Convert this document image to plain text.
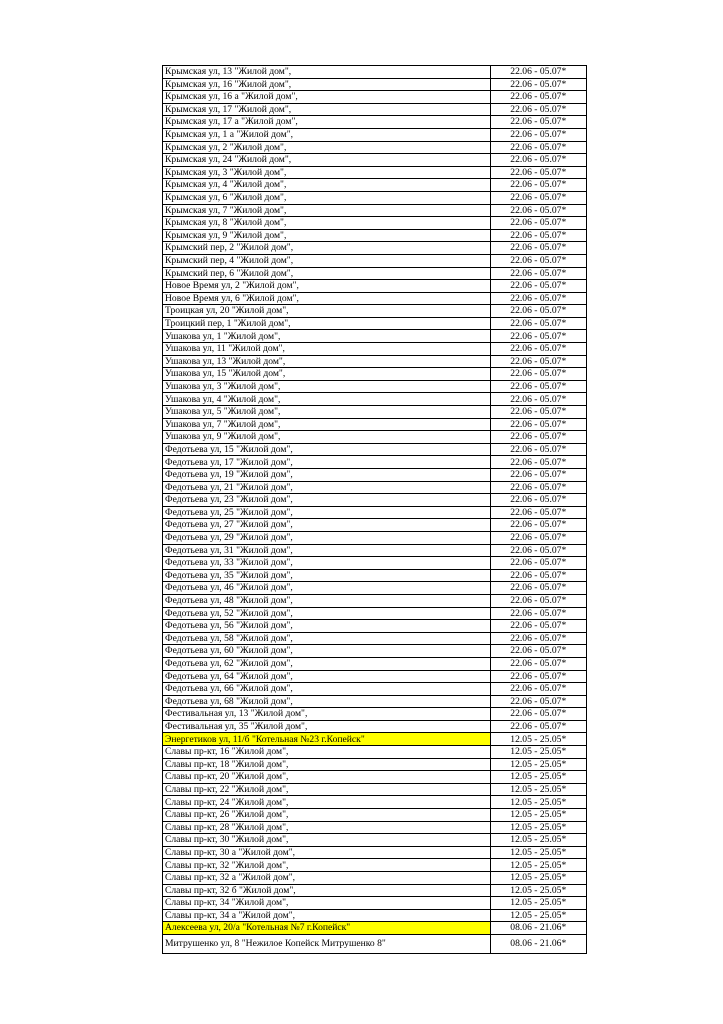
Крымская ул, 13 "Жилой дом",	22.06 - 05.07*
Крымская ул, 16 "Жилой дом",	22.06 - 05.07*
Крымская ул, 16 а "Жилой дом",	22.06 - 05.07*
Крымская ул, 17 "Жилой дом",	22.06 - 05.07*
Крымская ул, 17 а "Жилой дом",	22.06 - 05.07*
Крымская ул, 1 а "Жилой дом",	22.06 - 05.07*
Крымская ул, 2 "Жилой дом",	22.06 - 05.07*
Крымская ул, 24 "Жилой дом",	22.06 - 05.07*
Крымская ул, 3 "Жилой дом",	22.06 - 05.07*
Крымская ул, 4 "Жилой дом",	22.06 - 05.07*
Крымская ул, 6 "Жилой дом",	22.06 - 05.07*
Крымская ул, 7 "Жилой дом",	22.06 - 05.07*
Крымская ул, 8 "Жилой дом",	22.06 - 05.07*
Крымская ул, 9 "Жилой дом",	22.06 - 05.07*
Крымский пер, 2 "Жилой дом",	22.06 - 05.07*
Крымский пер, 4 "Жилой дом",	22.06 - 05.07*
Крымский пер, 6 "Жилой дом",	22.06 - 05.07*
Новое Время ул, 2 "Жилой дом",	22.06 - 05.07*
Новое Время ул, 6 "Жилой дом",	22.06 - 05.07*
Троицкая ул, 20 "Жилой дом",	22.06 - 05.07*
Троицкий пер, 1 "Жилой дом",	22.06 - 05.07*
Ушакова ул, 1 "Жилой дом",	22.06 - 05.07*
Ушакова ул, 11 "Жилой дом",	22.06 - 05.07*
Ушакова ул, 13 "Жилой дом",	22.06 - 05.07*
Ушакова ул, 15 "Жилой дом",	22.06 - 05.07*
Ушакова ул, 3 "Жилой дом",	22.06 - 05.07*
Ушакова ул, 4 "Жилой дом",	22.06 - 05.07*
Ушакова ул, 5 "Жилой дом",	22.06 - 05.07*
Ушакова ул, 7 "Жилой дом",	22.06 - 05.07*
Ушакова ул, 9 "Жилой дом",	22.06 - 05.07*
Федотьева ул, 15 "Жилой дом",	22.06 - 05.07*
Федотьева ул, 17 "Жилой дом",	22.06 - 05.07*
Федотьева ул, 19 "Жилой дом",	22.06 - 05.07*
Федотьева ул, 21 "Жилой дом",	22.06 - 05.07*
Федотьева ул, 23 "Жилой дом",	22.06 - 05.07*
Федотьева ул, 25 "Жилой дом",	22.06 - 05.07*
Федотьева ул, 27 "Жилой дом",	22.06 - 05.07*
Федотьева ул, 29 "Жилой дом",	22.06 - 05.07*
Федотьева ул, 31 "Жилой дом",	22.06 - 05.07*
Федотьева ул, 33 "Жилой дом",	22.06 - 05.07*
Федотьева ул, 35 "Жилой дом",	22.06 - 05.07*
Федотьева ул, 46 "Жилой дом",	22.06 - 05.07*
Федотьева ул, 48 "Жилой дом",	22.06 - 05.07*
Федотьева ул, 52 "Жилой дом",	22.06 - 05.07*
Федотьева ул, 56 "Жилой дом",	22.06 - 05.07*
Федотьева ул, 58 "Жилой дом",	22.06 - 05.07*
Федотьева ул, 60 "Жилой дом",	22.06 - 05.07*
Федотьева ул, 62 "Жилой дом",	22.06 - 05.07*
Федотьева ул, 64 "Жилой дом",	22.06 - 05.07*
Федотьева ул, 66 "Жилой дом",	22.06 - 05.07*
Федотьева ул, 68 "Жилой дом",	22.06 - 05.07*
Фестивальная ул, 13 "Жилой дом",	22.06 - 05.07*
Фестивальная ул, 35 "Жилой дом",	22.06 - 05.07*
Энергетиков ул, 11/б "Котельная №23 г.Копейск"	12.05 - 25.05*
Славы пр-кт, 16 "Жилой дом",	12.05 - 25.05*
Славы пр-кт, 18 "Жилой дом",	12.05 - 25.05*
Славы пр-кт, 20 "Жилой дом",	12.05 - 25.05*
Славы пр-кт, 22 "Жилой дом",	12.05 - 25.05*
Славы пр-кт, 24 "Жилой дом",	12.05 - 25.05*
Славы пр-кт, 26 "Жилой дом",	12.05 - 25.05*
Славы пр-кт, 28 "Жилой дом",	12.05 - 25.05*
Славы пр-кт, 30 "Жилой дом",	12.05 - 25.05*
Славы пр-кт, 30 а "Жилой дом",	12.05 - 25.05*
Славы пр-кт, 32 "Жилой дом",	12.05 - 25.05*
Славы пр-кт, 32 а "Жилой дом",	12.05 - 25.05*
Славы пр-кт, 32 б "Жилой дом",	12.05 - 25.05*
Славы пр-кт, 34 "Жилой дом",	12.05 - 25.05*
Славы пр-кт, 34 а "Жилой дом",	12.05 - 25.05*
Алексеева ул, 20/а "Котельная №7 г.Копейск"	08.06 - 21.06*
Митрушенко ул, 8 "Нежилое Копейск Митрушенко 8"	08.06 - 21.06*
